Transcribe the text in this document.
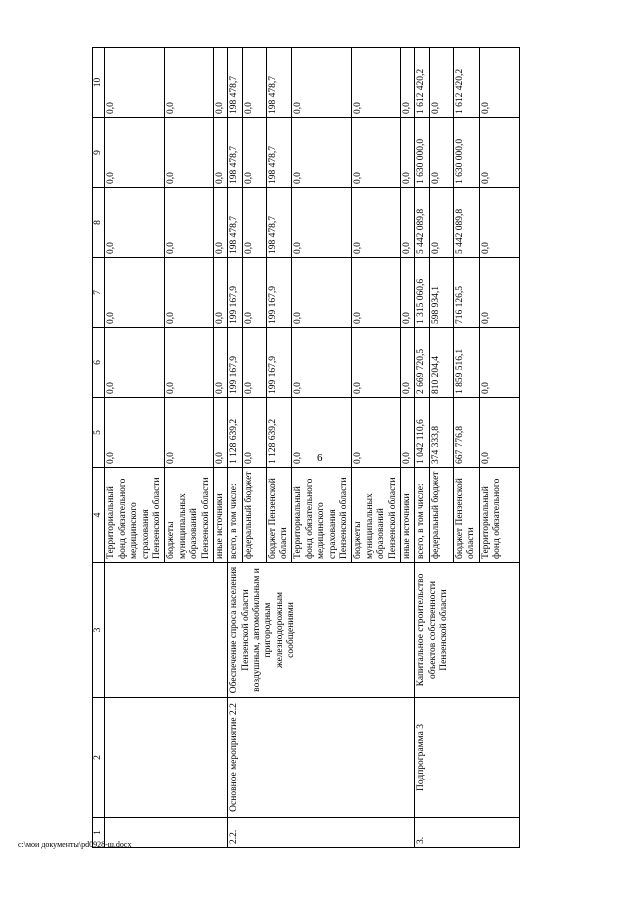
6
c:\мои документы\pd0928-ш.docx
1	2	3	4	5	6	7	8	9	10
			Территориальный фонд обязательного медицинского страхования Пензенской области	0,0	0,0	0,0	0,0	0,0	0,0
			бюджеты муниципальных образований Пензенской области	0,0	0,0	0,0	0,0	0,0	0,0
			иные источники	0,0	0,0	0,0	0,0	0,0	0,0
2.2.	Основное мероприятие 2.2	Обеспечение спроса населения Пензенской области воздушным, автомобильным и пригородным железнодорожным сообщениями	всего, в том числе:	1 128 639,2	199 167,9	199 167,9	198 478,7	198 478,7	198 478,7
			федеральный бюджет	0,0	0,0	0,0	0,0	0,0	0,0
			бюджет Пензенской области	1 128 639,2	199 167,9	199 167,9	198 478,7	198 478,7	198 478,7
			Территориальный фонд обязательного медицинского страхования Пензенской области	0,0	0,0	0,0	0,0	0,0	0,0
			бюджеты муниципальных образований Пензенской области	0,0	0,0	0,0	0,0	0,0	0,0
			иные источники	0,0	0,0	0,0	0,0	0,0	0,0
3.	Подпрограмма 3	Капитальное строительство объектов собственности Пензенской области	всего, в том числе:	1 042 110,6	2 669 720,5	1 315 060,6	5 442 089,8	1 630 000,0	1 612 420,2
			федеральный бюджет	374 333,8	810 204,4	598 934,1	0,0	0,0	0,0
			бюджет Пензенской области	667 776,8	1 859 516,1	716 126,5	5 442 089,8	1 630 000,0	1 612 420,2
			Территориальный фонд обязательного	0,0	0,0	0,0	0,0	0,0	0,0
